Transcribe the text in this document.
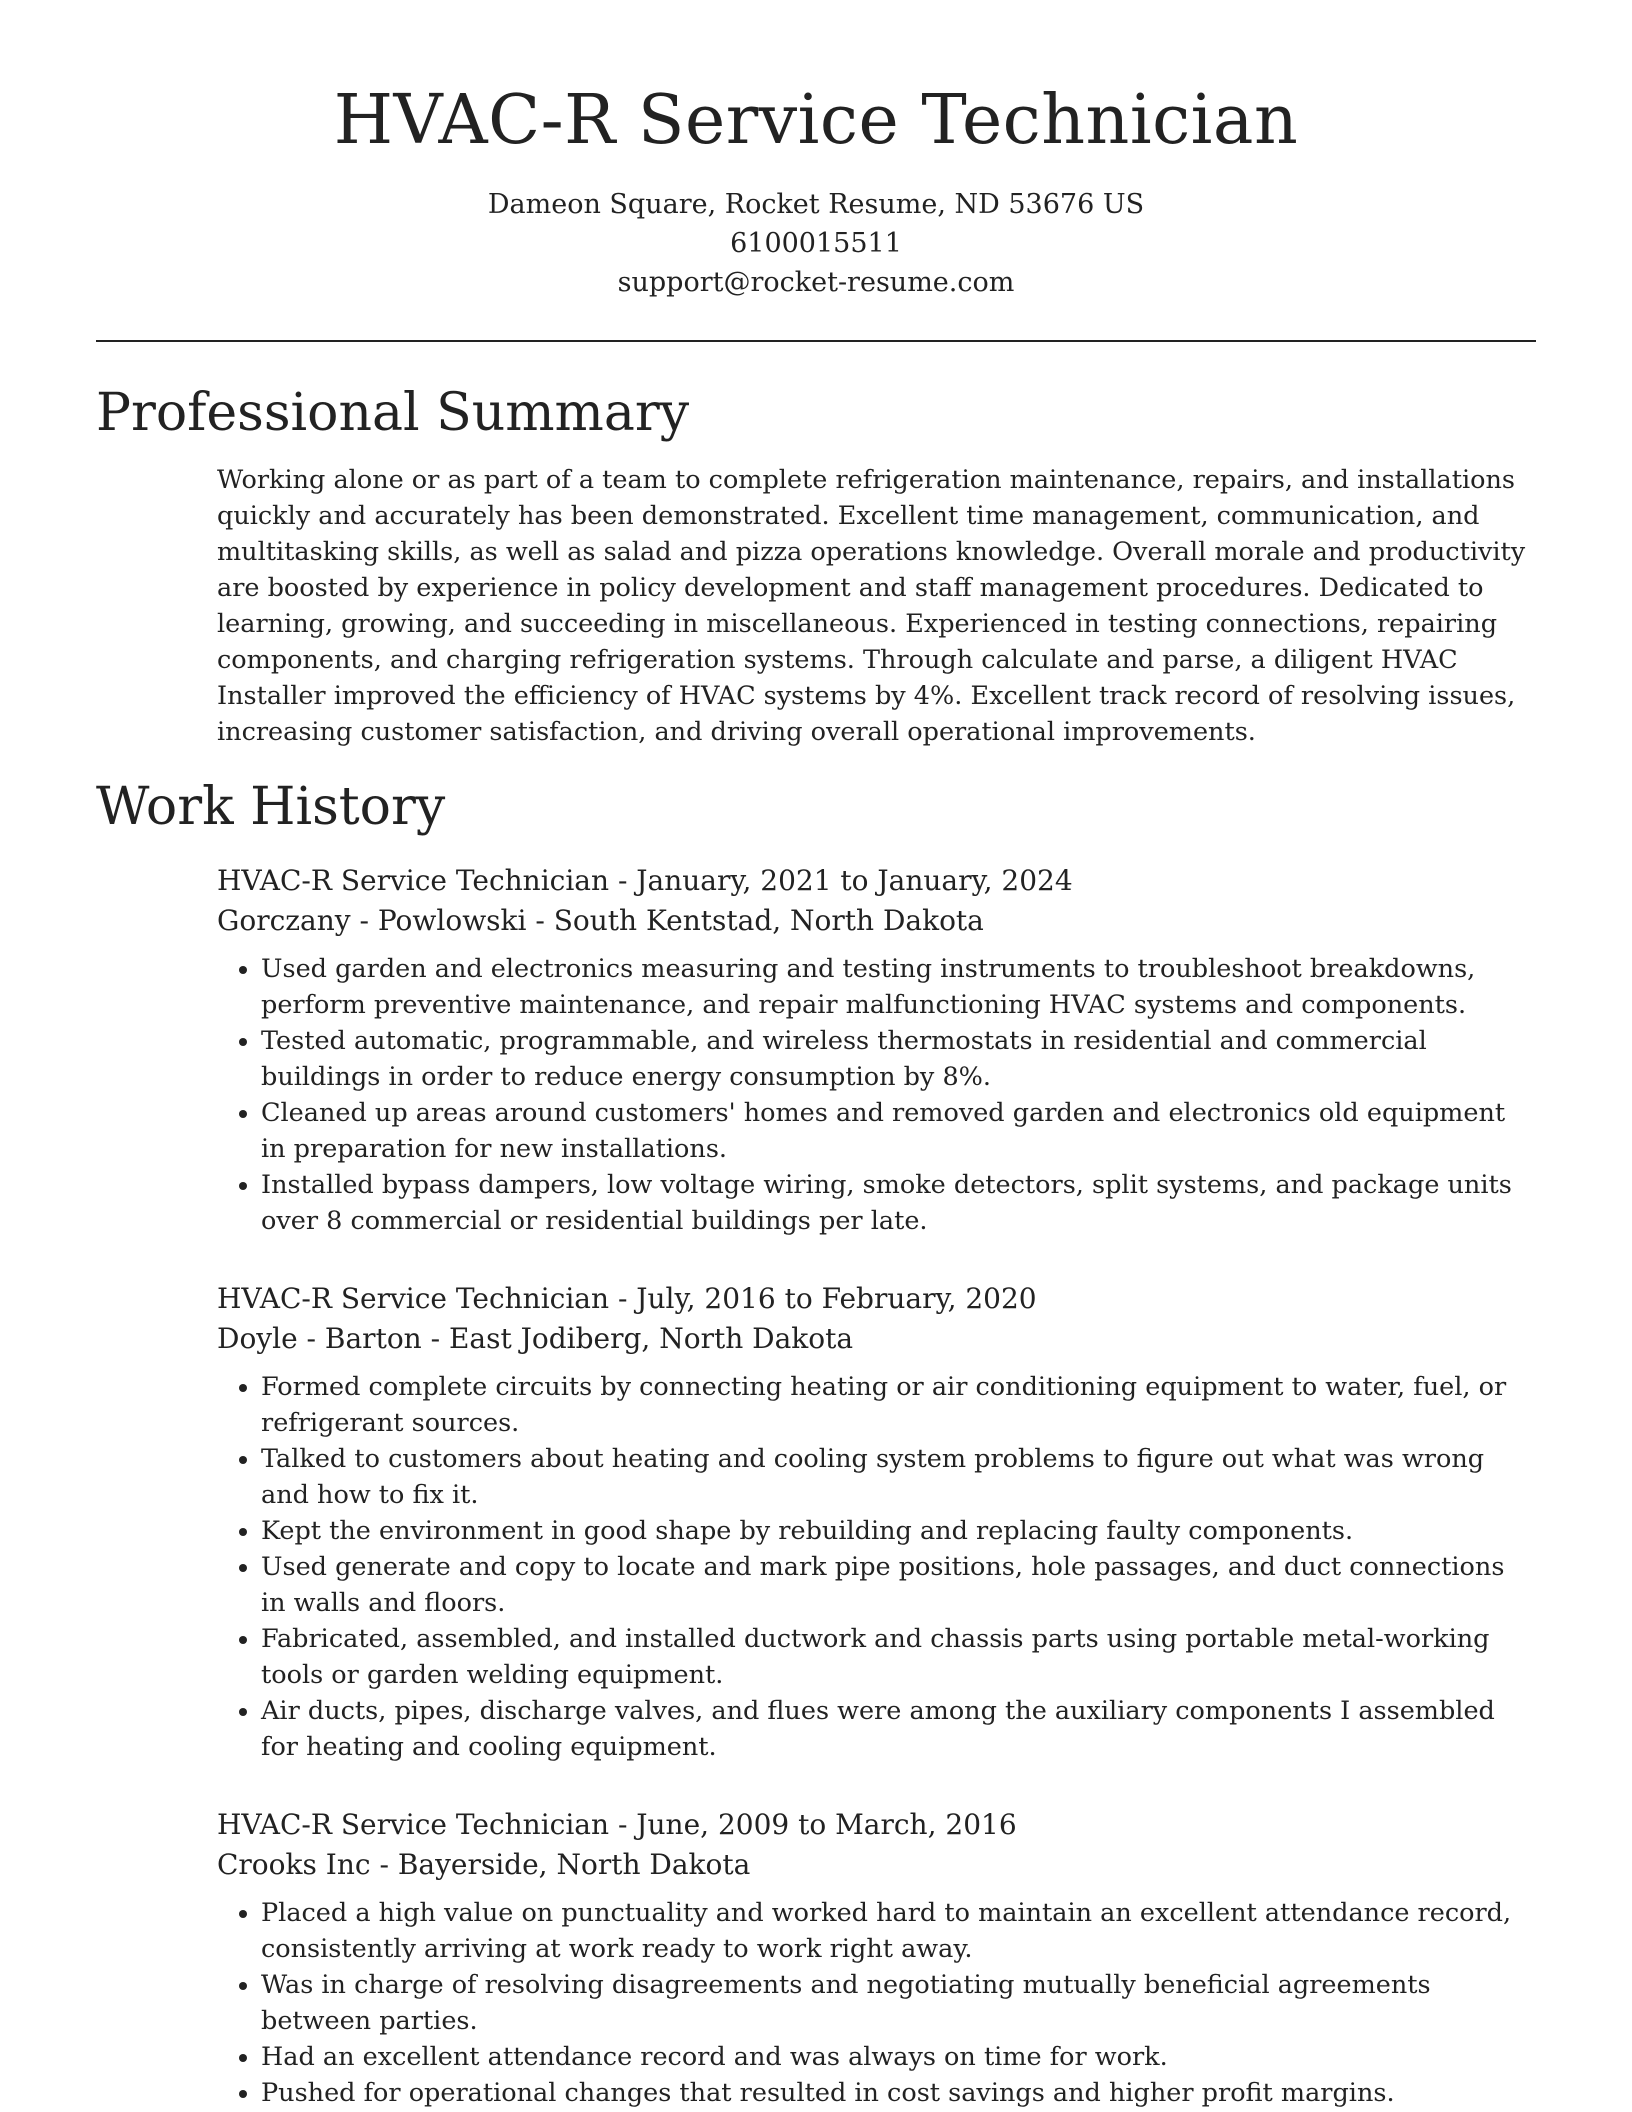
HVAC-R Service Technician
Dameon Square, Rocket Resume, ND 53676 US
6100015511
support@rocket-resume.com
Professional Summary

Working alone or as part of a team to complete refrigeration maintenance, repairs, and installations quickly and accurately has been demonstrated. Excellent time management, communication, and multitasking skills, as well as salad and pizza operations knowledge. Overall morale and productivity are boosted by experience in policy development and staff management procedures. Dedicated to learning, growing, and succeeding in miscellaneous. Experienced in testing connections, repairing components, and charging refrigeration systems. Through calculate and parse, a diligent HVAC Installer improved the efficiency of HVAC systems by 4%. Excellent track record of resolving issues, increasing customer satisfaction, and driving overall operational improvements.

Work History
HVAC-R Service Technician - January, 2021 to January, 2024
Gorczany - Powlowski - South Kentstad, North Dakota
• Used garden and electronics measuring and testing instruments to troubleshoot breakdowns, perform preventive maintenance, and repair malfunctioning HVAC systems and components.
• Tested automatic, programmable, and wireless thermostats in residential and commercial buildings in order to reduce energy consumption by 8%.
• Cleaned up areas around customers' homes and removed garden and electronics old equipment in preparation for new installations.
• Installed bypass dampers, low voltage wiring, smoke detectors, split systems, and package units over 8 commercial or residential buildings per late.
HVAC-R Service Technician - July, 2016 to February, 2020
Doyle - Barton - East Jodiberg, North Dakota
• Formed complete circuits by connecting heating or air conditioning equipment to water, fuel, or refrigerant sources.
• Talked to customers about heating and cooling system problems to figure out what was wrong and how to fix it.
• Kept the environment in good shape by rebuilding and replacing faulty components.
• Used generate and copy to locate and mark pipe positions, hole passages, and duct connections in walls and floors.
• Fabricated, assembled, and installed ductwork and chassis parts using portable metal-working tools or garden welding equipment.
• Air ducts, pipes, discharge valves, and flues were among the auxiliary components I assembled for heating and cooling equipment.
HVAC-R Service Technician - June, 2009 to March, 2016
Crooks Inc - Bayerside, North Dakota
• Placed a high value on punctuality and worked hard to maintain an excellent attendance record, consistently arriving at work ready to work right away.
• Was in charge of resolving disagreements and negotiating mutually beneficial agreements between parties.
• Had an excellent attendance record and was always on time for work.
• Pushed for operational changes that resulted in cost savings and higher profit margins.
